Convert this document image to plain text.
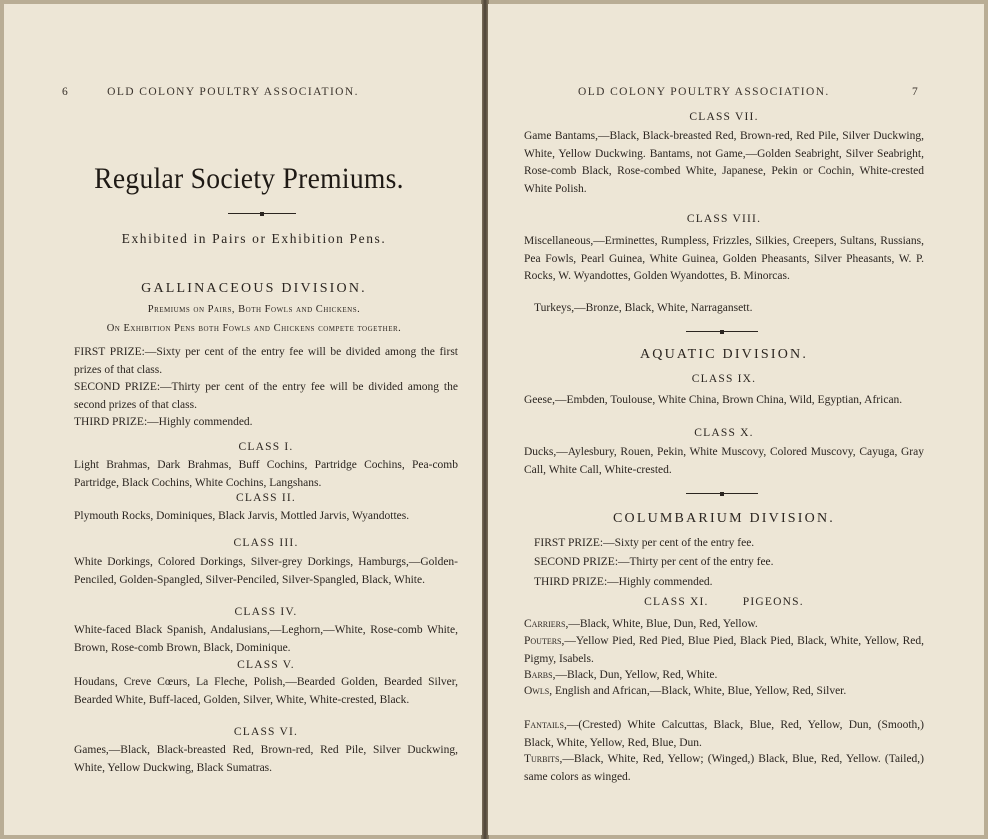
6	OLD COLONY POULTRY ASSOCIATION.
Regular Society Premiums.
Exhibited in Pairs or Exhibition Pens.
GALLINACEOUS DIVISION.
Premiums on Pairs, Both Fowls and Chickens.
On Exhibition Pens both Fowls and Chickens compete together.
FIRST PRIZE:—Sixty per cent of the entry fee will be divided among the first prizes of that class.
SECOND PRIZE:—Thirty per cent of the entry fee will be divided among the second prizes of that class.
THIRD PRIZE:—Highly commended.
CLASS I.
Light Brahmas, Dark Brahmas, Buff Cochins, Partridge Cochins, Pea-comb Partridge, Black Cochins, White Cochins, Langshans.
CLASS II.
Plymouth Rocks, Dominiques, Black Jarvis, Mottled Jarvis, Wyandottes.
CLASS III.
White Dorkings, Colored Dorkings, Silver-grey Dorkings, Hamburgs,—Golden-Penciled, Golden-Spangled, Silver-Penciled, Silver-Spangled, Black, White.
CLASS IV.
White-faced Black Spanish, Andalusians,—Leghorn,—White, Rose-comb White, Brown, Rose-comb Brown, Black, Dominique.
CLASS V.
Houdans, Creve Cœurs, La Fleche, Polish,—Bearded Golden, Bearded Silver, Bearded White, Buff-laced, Golden, Silver, White, White-crested, Black.
CLASS VI.
Games,—Black, Black-breasted Red, Brown-red, Red Pile, Silver Duckwing, White, Yellow Duckwing, Black Sumatras.
OLD COLONY POULTRY ASSOCIATION.	7
CLASS VII.
Game Bantams,—Black, Black-breasted Red, Brown-red, Red Pile, Silver Duckwing, White, Yellow Duckwing. Bantams, not Game,—Golden Seabright, Silver Seabright, Rose-comb Black, Rose-combed White, Japanese, Pekin or Cochin, White-crested White Polish.
CLASS VIII.
Miscellaneous,—Erminettes, Rumpless, Frizzles, Silkies, Creepers, Sultans, Russians, Pea Fowls, Pearl Guinea, White Guinea, Golden Pheasants, Silver Pheasants, W. P. Rocks, W. Wyandottes, Golden Wyandottes, B. Minorcas.
Turkeys,—Bronze, Black, White, Narragansett.
AQUATIC DIVISION.
CLASS IX.
Geese,—Embden, Toulouse, White China, Brown China, Wild, Egyptian, African.
CLASS X.
Ducks,—Aylesbury, Rouen, Pekin, White Muscovy, Colored Muscovy, Cayuga, Gray Call, White Call, White-crested.
COLUMBARIUM DIVISION.
FIRST PRIZE:—Sixty per cent of the entry fee.
SECOND PRIZE:—Thirty per cent of the entry fee.
THIRD PRIZE:—Highly commended.
CLASS XI.	PIGEONS.
Carriers,—Black, White, Blue, Dun, Red, Yellow.
Pouters,—Yellow Pied, Red Pied, Blue Pied, Black Pied, Black, White, Yellow, Red, Pigmy, Isabels.
Barbs,—Black, Dun, Yellow, Red, White.
Owls, English and African,—Black, White, Blue, Yellow, Red, Silver.
Fantails,—(Crested) White Calcuttas, Black, Blue, Red, Yellow, Dun, (Smooth,) Black, White, Yellow, Red, Blue, Dun.
Turbits,—Black, White, Red, Yellow; (Winged,) Black, Blue, Red, Yellow. (Tailed,) same colors as winged.
